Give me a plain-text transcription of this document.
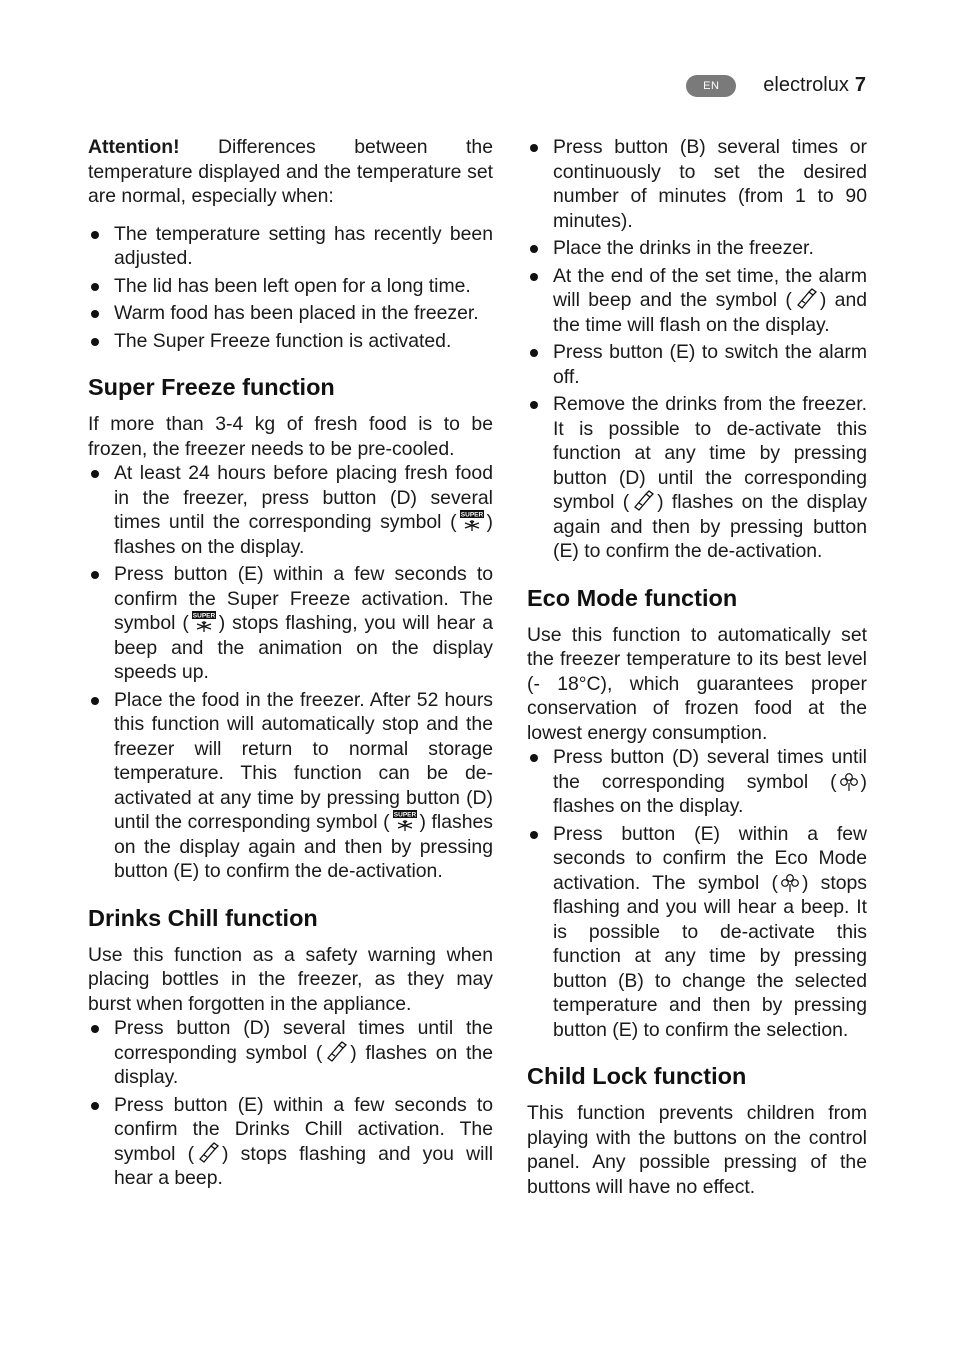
EN	electrolux 7

Attention! Differences between the temperature displayed and the temperature set are normal, especially when:

The temperature setting has recently been adjusted.
The lid has been left open for a long time.
Warm food has been placed in the freezer.
The Super Freeze function is activated.
Super Freeze function

If more than 3-4 kg of fresh food is to be frozen, the freezer needs to be pre-cooled.

At least 24 hours before placing fresh food in the freezer, press button (D) several times until the corresponding symbol ( SUPER ) flashes on the display.
Press button (E) within a few seconds to confirm the Super Freeze activation. The symbol ( SUPER ) stops flashing, you will hear a beep and the animation on the display speeds up.
Place the food in the freezer. After 52 hours this function will automatically stop and the freezer will return to normal storage temperature. This function can be de-activated at any time by pressing button (D) until the corresponding symbol ( SUPER ) flashes on the display again and then by pressing button (E) to confirm the de-activation.
Drinks Chill function

Use this function as a safety warning when placing bottles in the freezer, as they may burst when forgotten in the appliance.

Press button (D) several times until the corresponding symbol ( ) flashes on the display.
Press button (E) within a few seconds to confirm the Drinks Chill activation. The symbol ( ) stops flashing and you will hear a beep.
Press button (B) several times or continuously to set the desired number of minutes (from 1 to 90 minutes).
Place the drinks in the freezer.
At the end of the set time, the alarm will beep and the symbol ( ) and the time will flash on the display.
Press button (E) to switch the alarm off.
Remove the drinks from the freezer. It is possible to de-activate this function at any time by pressing button (D) until the corresponding symbol ( ) flashes on the display again and then by pressing button (E) to confirm the de-activation.
Eco Mode function

Use this function to automatically set the freezer temperature to its best level (- 18°C), which guarantees proper conservation of frozen food at the lowest energy consumption.

Press button (D) several times until the corresponding symbol ( ) flashes on the display.
Press button (E) within a few seconds to confirm the Eco Mode activation. The symbol ( ) stops flashing and you will hear a beep. It is possible to de-activate this function at any time by pressing button (B) to change the selected temperature and then by pressing button (E) to confirm the selection.
Child Lock function

This function prevents children from playing with the buttons on the control panel. Any possible pressing of the buttons will have no effect.
